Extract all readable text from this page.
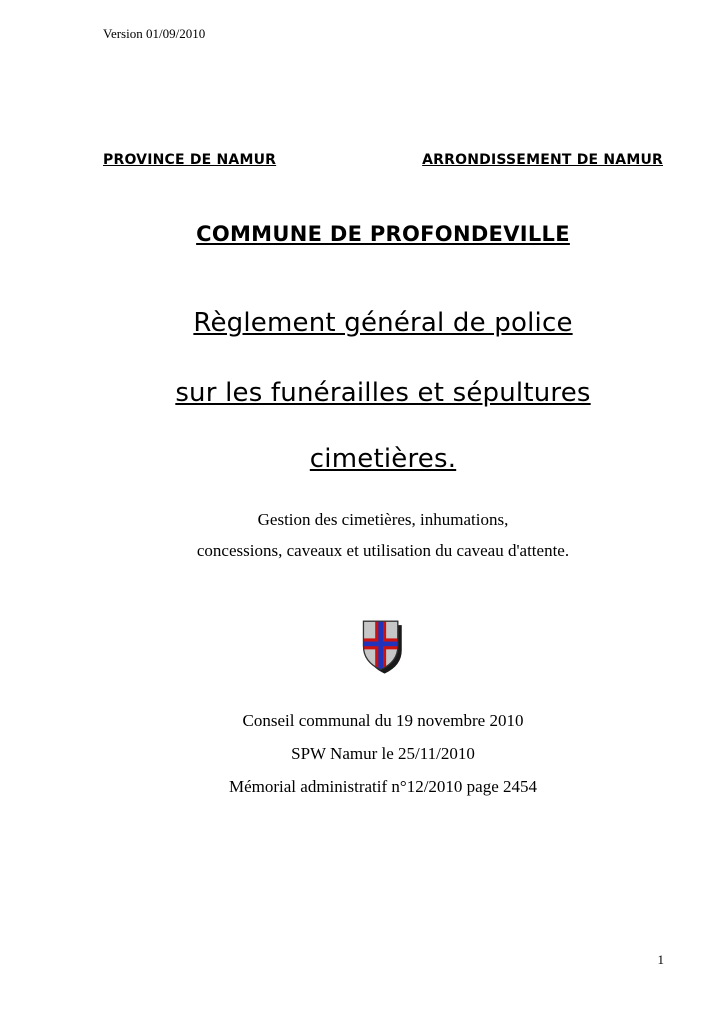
Version 01/09/2010
PROVINCE DE NAMUR	ARRONDISSEMENT DE NAMUR
COMMUNE DE PROFONDEVILLE
Règlement général de police
sur les funérailles et sépultures
cimetières.
Gestion des cimetières, inhumations,
concessions, caveaux et utilisation du caveau d'attente.
Conseil communal du 19 novembre 2010
SPW Namur le 25/11/2010
Mémorial administratif n°12/2010 page 2454
1
